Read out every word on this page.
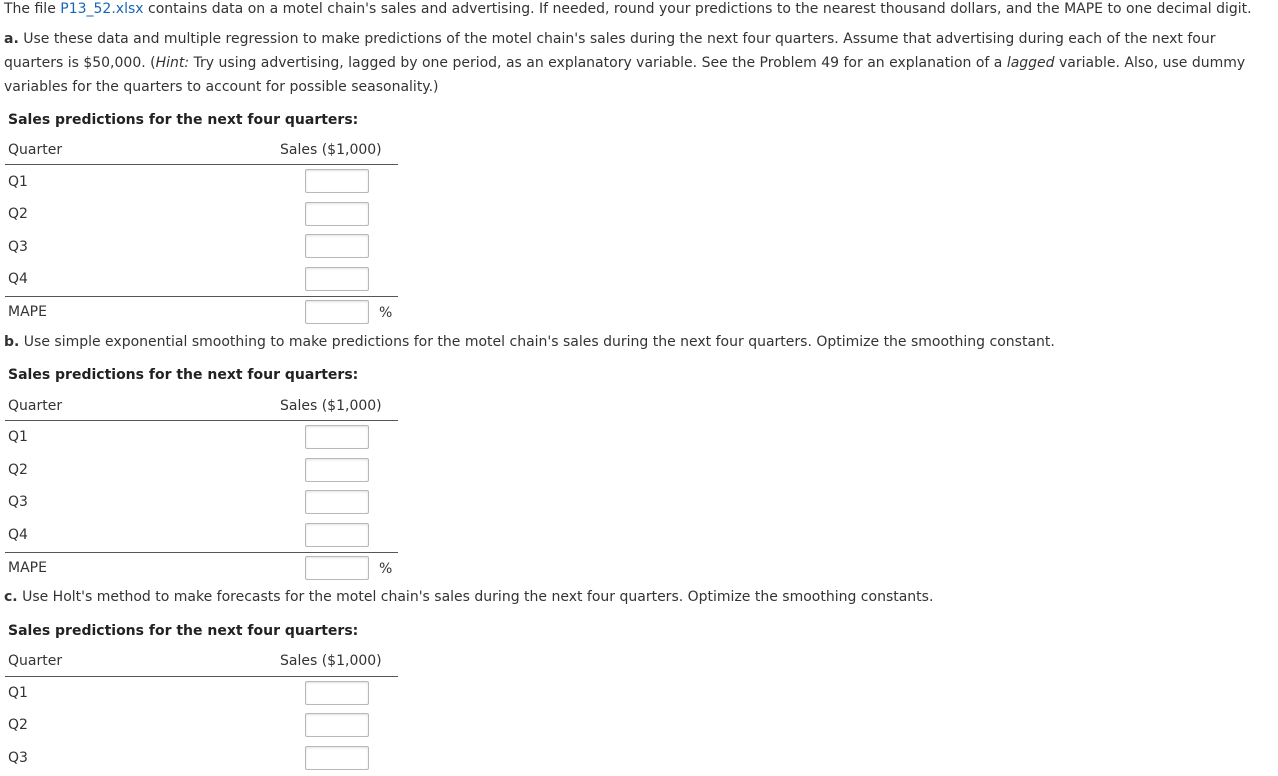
The file P13_52.xlsx contains data on a motel chain's sales and advertising. If needed, round your predictions to the nearest thousand dollars, and the MAPE to one decimal digit.
a. Use these data and multiple regression to make predictions of the motel chain's sales during the next four quarters. Assume that advertising during each of the next four quarters is $50,000. (Hint: Try using advertising, lagged by one period, as an explanatory variable. See the Problem 49 for an explanation of a lagged variable. Also, use dummy variables for the quarters to account for possible seasonality.)
Sales predictions for the next four quarters:
Quarter	Sales ($1,000)
Q1
Q2
Q3
Q4
MAPE	%
b. Use simple exponential smoothing to make predictions for the motel chain's sales during the next four quarters. Optimize the smoothing constant.
Sales predictions for the next four quarters:
Quarter	Sales ($1,000)
Q1
Q2
Q3
Q4
MAPE	%
c. Use Holt's method to make forecasts for the motel chain's sales during the next four quarters. Optimize the smoothing constants.
Sales predictions for the next four quarters:
Quarter	Sales ($1,000)
Q1
Q2
Q3
